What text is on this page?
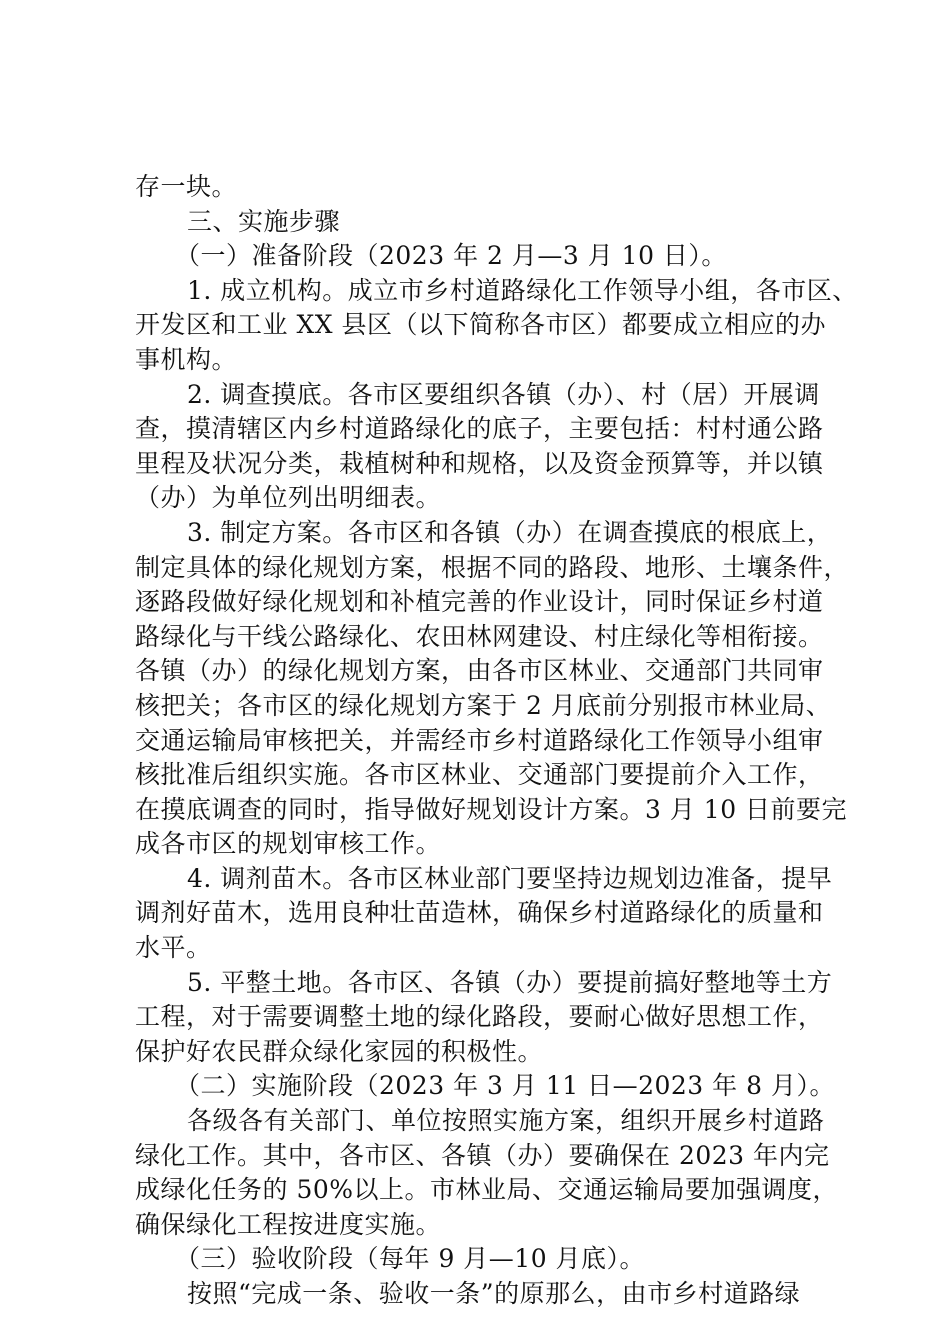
存一块。
三、实施步骤
（一）准备阶段（2023 年 2 月—3 月 10 日）。
1. 成立机构。成立市乡村道路绿化工作领导小组，各市区、
开发区和工业 XX 县区（以下简称各市区）都要成立相应的办
事机构。
2. 调查摸底。各市区要组织各镇（办）、村（居）开展调
查，摸清辖区内乡村道路绿化的底子，主要包括：村村通公路
里程及状况分类，栽植树种和规格，以及资金预算等，并以镇
（办）为单位列出明细表。
3. 制定方案。各市区和各镇（办）在调查摸底的根底上，
制定具体的绿化规划方案，根据不同的路段、地形、土壤条件，
逐路段做好绿化规划和补植完善的作业设计，同时保证乡村道
路绿化与干线公路绿化、农田林网建设、村庄绿化等相衔接。
各镇（办）的绿化规划方案，由各市区林业、交通部门共同审
核把关；各市区的绿化规划方案于 2 月底前分别报市林业局、
交通运输局审核把关，并需经市乡村道路绿化工作领导小组审
核批准后组织实施。各市区林业、交通部门要提前介入工作，
在摸底调查的同时，指导做好规划设计方案。3 月 10 日前要完
成各市区的规划审核工作。
4. 调剂苗木。各市区林业部门要坚持边规划边准备，提早
调剂好苗木，选用良种壮苗造林，确保乡村道路绿化的质量和
水平。
5. 平整土地。各市区、各镇（办）要提前搞好整地等土方
工程，对于需要调整土地的绿化路段，要耐心做好思想工作，
保护好农民群众绿化家园的积极性。
（二）实施阶段（2023 年 3 月 11 日—2023 年 8 月）。
各级各有关部门、单位按照实施方案，组织开展乡村道路
绿化工作。其中，各市区、各镇（办）要确保在 2023 年内完
成绿化任务的 50%以上。市林业局、交通运输局要加强调度，
确保绿化工程按进度实施。
（三）验收阶段（每年 9 月—10 月底）。
按照“完成一条、验收一条”的原那么，由市乡村道路绿
